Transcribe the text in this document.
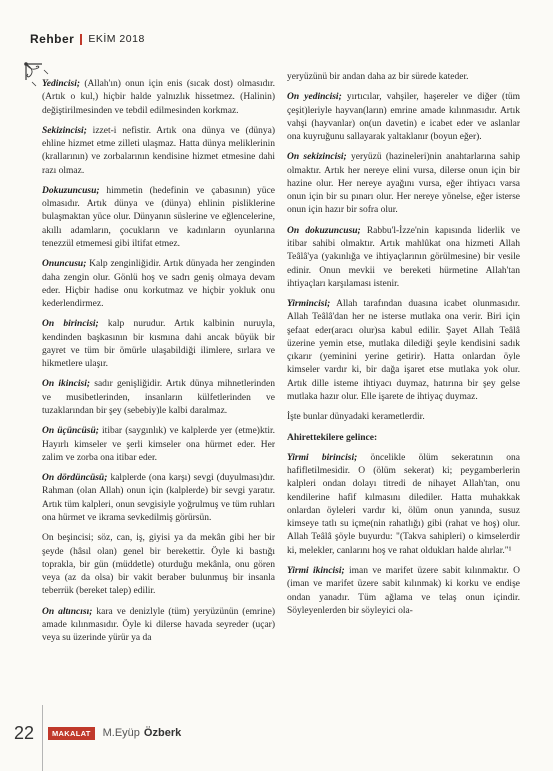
Rehber EKİM 2018

Yedincisi; (Allah'ın) onun için enis (sıcak dost) olmasıdır. (Artık o kul,) hiçbir halde yalnızlık hissetmez. (Halinin) değiştirilmesinden ve tebdil edilmesinden korkmaz.

Sekizincisi; izzet-i nefistir. Artık ona dünya ve (dünya) ehline hizmet etme zilleti ulaşmaz. Hatta dünya meliklerinin (krallarının) ve zorbalarının kendisine hizmet etmesine dahi razı olmaz.

Dokuzuncusu; himmetin (hedefinin ve çabasının) yüce olmasıdır. Artık dünya ve (dünya) ehlinin pisliklerine bulaşmaktan yüce olur. Dünyanın süslerine ve eğlencelerine, akıllı adamların, çocukların ve kadınların oyunlarına tenezzül etmemesi gibi iltifat etmez.

Onuncusu; Kalp zenginliğidir. Artık dünyada her zenginden daha zengin olur. Gönlü hoş ve sadrı geniş olmaya devam eder. Hiçbir hadise onu korkutmaz ve hiçbir yokluk onu kederlendirmez.

On birincisi; kalp nurudur. Artık kalbinin nuruyla, kendinden başkasının bir kısmına dahi ancak büyük bir gayret ve tüm bir ömürle ulaşabildiği ilimlere, sırlara ve hikmetlere ulaşır.

On ikincisi; sadır genişliğidir. Artık dünya mihnetlerinden ve musibetlerinden, insanların külfetlerinden ve tuzaklarından bir şey (sebebiy)le kalbi daralmaz.

On üçüncüsü; itibar (saygınlık) ve kalplerde yer (etme)ktir. Hayırlı kimseler ve şerli kimseler ona hürmet eder. Her zalim ve zorba ona itibar eder.

On dördüncüsü; kalplerde (ona karşı) sevgi (duyulması)dır. Rahman (olan Allah) onun için (kalplerde) bir sevgi yaratır. Artık tüm kalpleri, onun sevgisiyle yoğrulmuş ve tüm ruhları ona hürmet ve ikrama sevkedilmiş görürsün.

On beşincisi; söz, can, iş, giyisi ya da mekân gibi her bir şeyde (hâsıl olan) genel bir berekettir. Öyle ki bastığı toprakla, bir gün (müddetle) oturduğu mekânla, onu gören veya (az da olsa) bir vakit beraber bulunmuş bir insanla teberrük (bereket talep) edilir.

On altıncısı; kara ve denizlyle (tüm) yeryüzünün (emrine) amade kılınmasıdır. Öyle ki dilerse havada seyreder (uçar) veya su üzerinde yürür ya da

yeryüzünü bir andan daha az bir sürede kateder.

On yedincisi; yırtıcılar, vahşiler, haşereler ve diğer (tüm çeşit)leriyle hayvan(ların) emrine amade kılınmasıdır. Artık vahşi (hayvanlar) on(un davetin) e icabet eder ve aslanlar ona kuyruğunu sallayarak yaltaklanır (boyun eğer).

On sekizincisi; yeryüzü (hazineleri)nin anahtarlarına sahip olmaktır. Artık her nereye elini vursa, dilerse onun için bir hazine olur. Her nereye ayağını vursa, eğer ihtiyacı varsa onun için bir su pınarı olur. Her nereye yönelse, eğer isterse onun için hazır bir sofra olur.

On dokuzuncusu; Rabbu'l-İzze'nin kapısında liderlik ve itibar sahibi olmaktır. Artık mahlûkat ona hizmeti Allah Teâlâ'ya (yakınlığa ve ihtiyaçlarının görülmesine) bir vesile edinir. Onun mevkii ve bereketi hürmetine Allah'tan ihtiyaçları karşılaması istenir.

Yirmincisi; Allah tarafından duasına icabet olunmasıdır. Allah Teâlâ'dan her ne isterse mutlaka ona verir. Biri için şefaat eder(aracı olur)sa kabul edilir. Şayet Allah Teâlâ üzerine yemin etse, mutlaka dilediği şeyle kendisini sadık çıkarır (yeminini yerine getirir). Hatta onlardan öyle kimseler vardır ki, bir dağa işaret etse mutlaka yok olur. Artık dille isteme ihtiyacı duymaz, hatırına bir şey gelse mutlaka hazır olur. Elle işarete de ihtiyaç duymaz.

İşte bunlar dünyadaki kerametlerdir.

Ahirettekilere gelince:

Yirmi birincisi; öncelikle ölüm sekeratının ona hafifletilmesidir. O (ölüm sekerat) ki; peygamberlerin kalpleri ondan dolayı titredi de nihayet Allah'tan, onu kendilerine hafif kılmasını dilediler. Hatta muhakkak onlardan öyleleri vardır ki, ölüm onun yanında, susuz kimseye tatlı su içme(nin rahatlığı) gibi (rahat ve hoş) olur. Allah Teâlâ şöyle buyurdu: "(Takva sahipleri) o kimselerdir ki, melekler, canlarını hoş ve rahat oldukları halde alırlar."¹

Yirmi ikincisi; iman ve marifet üzere sabit kılınmaktır. O (iman ve marifet üzere sabit kılınmak) ki korku ve endişe ondan yanadır. Tüm ağlama ve telaş onun içindir. Söyleyenlerden bir söyleyici ola-

22	MAKALAT	M.Eyüp Özberk
